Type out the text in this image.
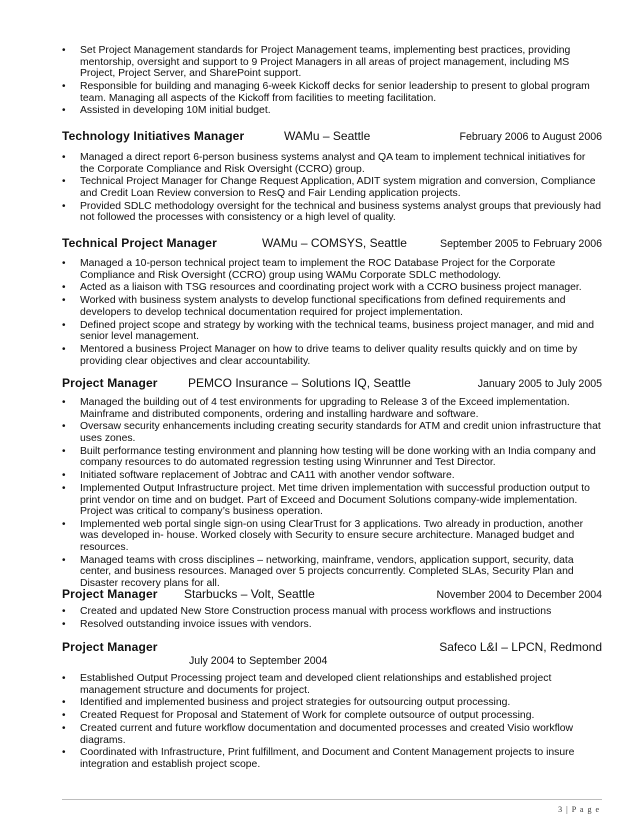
• Set Project Management standards for Project Management teams, implementing best practices, providing mentorship, oversight and support to 9 Project Managers in all areas of project management, including MS Project, Project Server, and SharePoint support.
• Responsible for building and managing 6-week Kickoff decks for senior leadership to present to global program team. Managing all aspects of the Kickoff from facilities to meeting facilitation.
• Assisted in developing 10M initial budget.
Technology Initiatives Manager	WAMu – Seattle	February 2006 to August 2006
• Managed a direct report 6-person business systems analyst and QA team to implement technical initiatives for the Corporate Compliance and Risk Oversight (CCRO) group.
• Technical Project Manager for Change Request Application, ADIT system migration and conversion, Compliance and Credit Loan Review conversion to ResQ and Fair Lending application projects.
• Provided SDLC methodology oversight for the technical and business systems analyst groups that previously had not followed the processes with consistency or a high level of quality.
Technical Project Manager	WAMu – COMSYS, Seattle	September 2005 to February 2006
• Managed a 10-person technical project team to implement the ROC Database Project for the Corporate Compliance and Risk Oversight (CCRO) group using WAMu Corporate SDLC methodology.
• Acted as a liaison with TSG resources and coordinating project work with a CCRO business project manager.
• Worked with business system analysts to develop functional specifications from defined requirements and developers to develop technical documentation required for project implementation.
• Defined project scope and strategy by working with the technical teams, business project manager, and mid and senior level management.
• Mentored a business Project Manager on how to drive teams to deliver quality results quickly and on time by providing clear objectives and clear accountability.
Project Manager	PEMCO Insurance – Solutions IQ, Seattle	January 2005 to July 2005
• Managed the building out of 4 test environments for upgrading to Release 3 of the Exceed implementation. Mainframe and distributed components, ordering and installing hardware and software.
• Oversaw security enhancements including creating security standards for ATM and credit union infrastructure that uses zones.
• Built performance testing environment and planning how testing will be done working with an India company and company resources to do automated regression testing using Winrunner and Test Director.
• Initiated software replacement of Jobtrac and CA11 with another vendor software.
• Implemented Output Infrastructure project. Met time driven implementation with successful production output to print vendor on time and on budget. Part of Exceed and Document Solutions company-wide implementation. Project was critical to company’s business operation.
• Implemented web portal single sign-on using ClearTrust for 3 applications. Two already in production, another was developed in- house. Worked closely with Security to ensure secure architecture. Managed budget and resources.
• Managed teams with cross disciplines – networking, mainframe, vendors, application support, security, data center, and business resources. Managed over 5 projects concurrently. Completed SLAs, Security Plan and Disaster recovery plans for all.
Project Manager Starbucks – Volt, Seattle	November 2004 to December 2004
• Created and updated New Store Construction process manual with process workflows and instructions
• Resolved outstanding invoice issues with vendors.
Project Manager	Safeco L&I – LPCN, Redmond
July 2004 to September 2004
• Established Output Processing project team and developed client relationships and established project management structure and documents for project.
• Identified and implemented business and project strategies for outsourcing output processing.
• Created Request for Proposal and Statement of Work for complete outsource of output processing.
• Created current and future workflow documentation and documented processes and created Visio workflow diagrams.
• Coordinated with Infrastructure, Print fulfillment, and Document and Content Management projects to insure integration and establish project scope.
3 | P a g e
